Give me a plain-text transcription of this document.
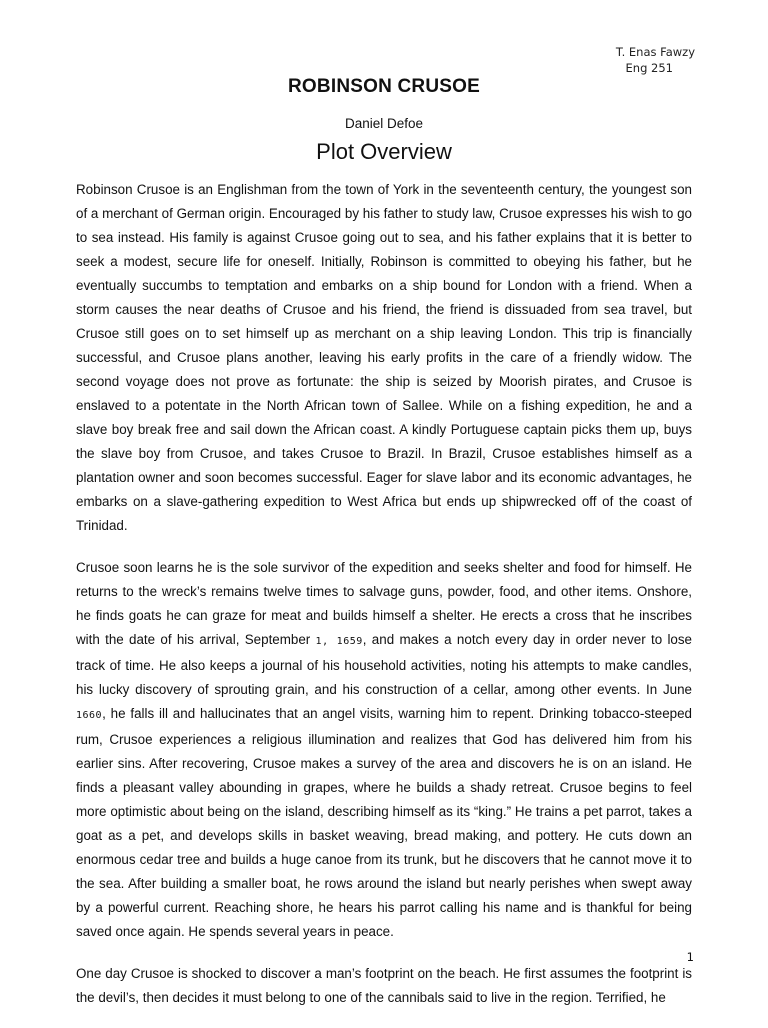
T. Enas Fawzy
Eng 251
ROBINSON CRUSOE
Daniel Defoe
Plot Overview

Robinson Crusoe is an Englishman from the town of York in the seventeenth century, the youngest son of a merchant of German origin. Encouraged by his father to study law, Crusoe expresses his wish to go to sea instead. His family is against Crusoe going out to sea, and his father explains that it is better to seek a modest, secure life for oneself. Initially, Robinson is committed to obeying his father, but he eventually succumbs to temptation and embarks on a ship bound for London with a friend. When a storm causes the near deaths of Crusoe and his friend, the friend is dissuaded from sea travel, but Crusoe still goes on to set himself up as merchant on a ship leaving London. This trip is financially successful, and Crusoe plans another, leaving his early profits in the care of a friendly widow. The second voyage does not prove as fortunate: the ship is seized by Moorish pirates, and Crusoe is enslaved to a potentate in the North African town of Sallee. While on a fishing expedition, he and a slave boy break free and sail down the African coast. A kindly Portuguese captain picks them up, buys the slave boy from Crusoe, and takes Crusoe to Brazil. In Brazil, Crusoe establishes himself as a plantation owner and soon becomes successful. Eager for slave labor and its economic advantages, he embarks on a slave-gathering expedition to West Africa but ends up shipwrecked off of the coast of Trinidad.

Crusoe soon learns he is the sole survivor of the expedition and seeks shelter and food for himself. He returns to the wreck’s remains twelve times to salvage guns, powder, food, and other items. Onshore, he finds goats he can graze for meat and builds himself a shelter. He erects a cross that he inscribes with the date of his arrival, September 1, 1659, and makes a notch every day in order never to lose track of time. He also keeps a journal of his household activities, noting his attempts to make candles, his lucky discovery of sprouting grain, and his construction of a cellar, among other events. In June 1660, he falls ill and hallucinates that an angel visits, warning him to repent. Drinking tobacco-steeped rum, Crusoe experiences a religious illumination and realizes that God has delivered him from his earlier sins. After recovering, Crusoe makes a survey of the area and discovers he is on an island. He finds a pleasant valley abounding in grapes, where he builds a shady retreat. Crusoe begins to feel more optimistic about being on the island, describing himself as its “king.” He trains a pet parrot, takes a goat as a pet, and develops skills in basket weaving, bread making, and pottery. He cuts down an enormous cedar tree and builds a huge canoe from its trunk, but he discovers that he cannot move it to the sea. After building a smaller boat, he rows around the island but nearly perishes when swept away by a powerful current. Reaching shore, he hears his parrot calling his name and is thankful for being saved once again. He spends several years in peace.

One day Crusoe is shocked to discover a man’s footprint on the beach. He first assumes the footprint is the devil’s, then decides it must belong to one of the cannibals said to live in the region. Terrified, he

1
